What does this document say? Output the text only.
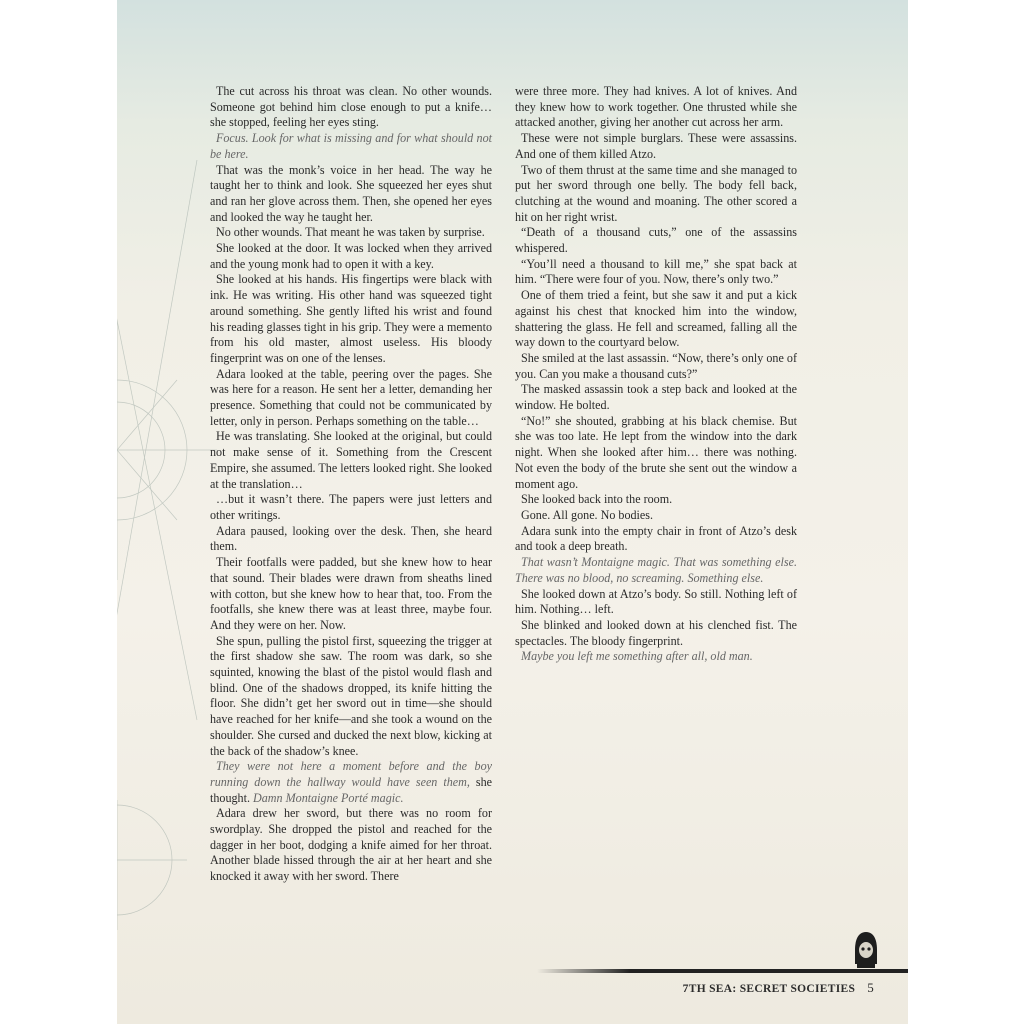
The cut across his throat was clean. No other wounds. Someone got behind him close enough to put a knife… she stopped, feeling her eyes sting.

Focus. Look for what is missing and for what should not be here.

That was the monk’s voice in her head. The way he taught her to think and look. She squeezed her eyes shut and ran her glove across them. Then, she opened her eyes and looked the way he taught her.

No other wounds. That meant he was taken by surprise.

She looked at the door. It was locked when they arrived and the young monk had to open it with a key.

She looked at his hands. His fingertips were black with ink. He was writing. His other hand was squeezed tight around something. She gently lifted his wrist and found his reading glasses tight in his grip. They were a memento from his old master, almost useless. His bloody fingerprint was on one of the lenses.

Adara looked at the table, peering over the pages. She was here for a reason. He sent her a letter, demanding her presence. Something that could not be communicated by letter, only in person. Perhaps something on the table…

He was translating. She looked at the original, but could not make sense of it. Something from the Crescent Empire, she assumed. The letters looked right. She looked at the translation…

…but it wasn’t there. The papers were just letters and other writings.

Adara paused, looking over the desk. Then, she heard them.

Their footfalls were padded, but she knew how to hear that sound. Their blades were drawn from sheaths lined with cotton, but she knew how to hear that, too. From the footfalls, she knew there was at least three, maybe four. And they were on her. Now.

She spun, pulling the pistol first, squeezing the trigger at the first shadow she saw. The room was dark, so she squinted, knowing the blast of the pistol would flash and blind. One of the shadows dropped, its knife hitting the floor. She didn’t get her sword out in time—she should have reached for her knife—and she took a wound on the shoulder. She cursed and ducked the next blow, kicking at the back of the shadow’s knee.

They were not here a moment before and the boy running down the hallway would have seen them, she thought. Damn Montaigne Porté magic.

Adara drew her sword, but there was no room for swordplay. She dropped the pistol and reached for the dagger in her boot, dodging a knife aimed for her throat. Another blade hissed through the air at her heart and she knocked it away with her sword. There

were three more. They had knives. A lot of knives. And they knew how to work together. One thrusted while she attacked another, giving her another cut across her arm.

These were not simple burglars. These were assassins. And one of them killed Atzo.

Two of them thrust at the same time and she managed to put her sword through one belly. The body fell back, clutching at the wound and moaning. The other scored a hit on her right wrist.

“Death of a thousand cuts,” one of the assassins whispered.

“You’ll need a thousand to kill me,” she spat back at him. “There were four of you. Now, there’s only two.”

One of them tried a feint, but she saw it and put a kick against his chest that knocked him into the window, shattering the glass. He fell and screamed, falling all the way down to the courtyard below.

She smiled at the last assassin. “Now, there’s only one of you. Can you make a thousand cuts?”

The masked assassin took a step back and looked at the window. He bolted.

“No!” she shouted, grabbing at his black chemise. But she was too late. He lept from the window into the dark night. When she looked after him… there was nothing. Not even the body of the brute she sent out the window a moment ago.

She looked back into the room.

Gone. All gone. No bodies.

Adara sunk into the empty chair in front of Atzo’s desk and took a deep breath.

That wasn’t Montaigne magic. That was something else. There was no blood, no screaming. Something else.

She looked down at Atzo’s body. So still. Nothing left of him. Nothing… left.

She blinked and looked down at his clenched fist. The spectacles. The bloody fingerprint.

Maybe you left me something after all, old man.

7TH SEA: SECRET SOCIETIES 5
